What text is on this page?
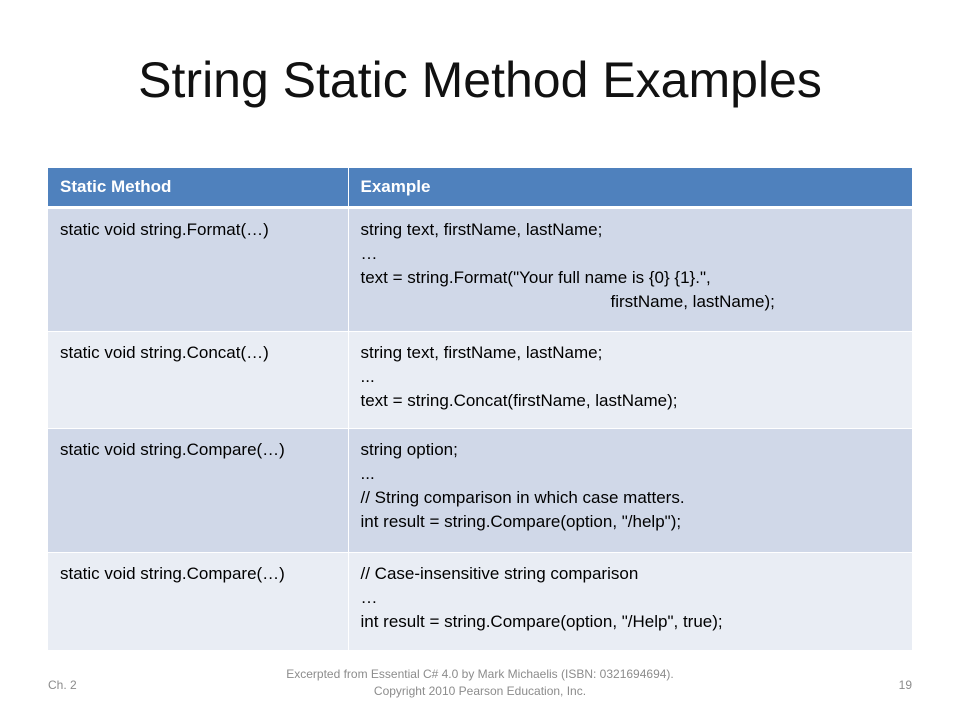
String Static Method Examples
Static Method	Example
static void string.Format(…)	string text, firstName, lastName;
…
text = string.Format("Your full name is {0} {1}.",
firstName, lastName);

static void string.Concat(…)	string text, firstName, lastName;
...
text = string.Concat(firstName, lastName);

static void string.Compare(…)	string option;
...
// String comparison in which case matters.
int result = string.Compare(option, "/help");

static void string.Compare(…)	// Case-insensitive string comparison
…
int result = string.Compare(option, "/Help", true);
Ch. 2
Excerpted from Essential C# 4.0 by Mark Michaelis (ISBN: 0321694694).
Copyright 2010 Pearson Education, Inc.	19
